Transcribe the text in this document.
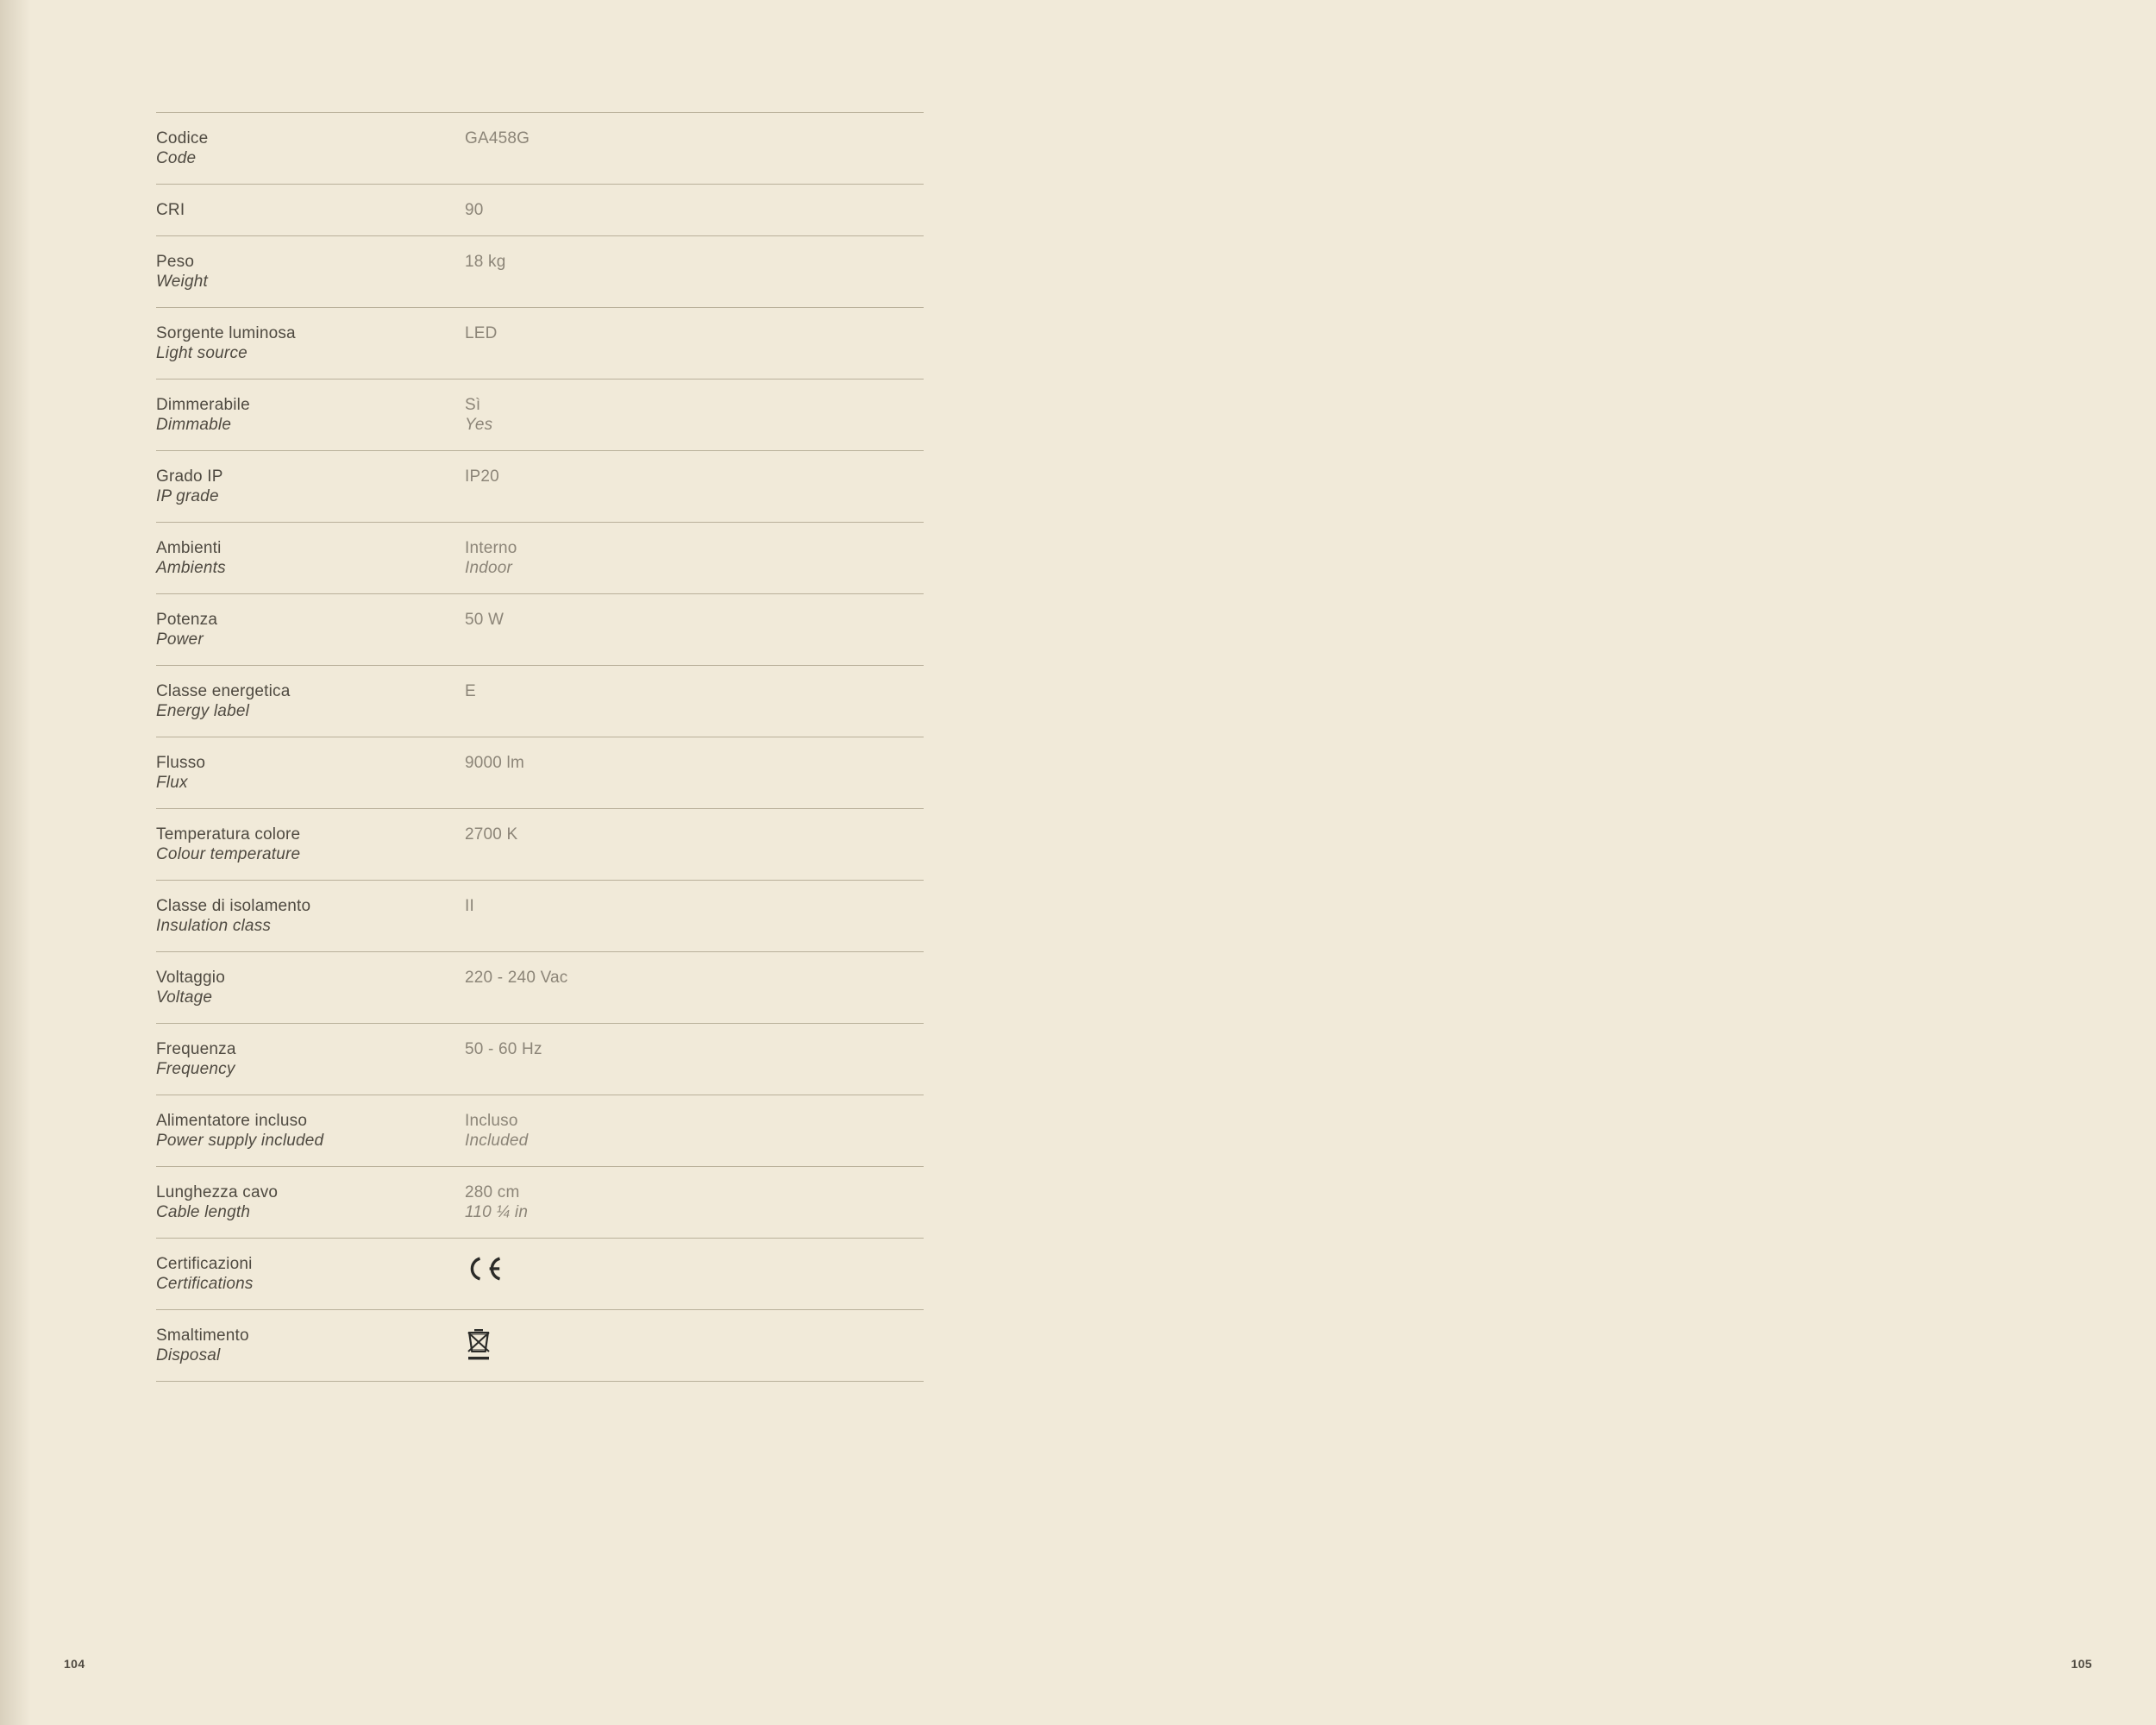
Codice
Code
GA458G
CRI	90
Peso
Weight
18 kg
Sorgente luminosa
Light source
LED
Dimmerabile
Dimmable
Sì
Yes
Grado IP
IP grade
IP20
Ambienti
Ambients
Interno
Indoor
Potenza
Power
50 W
Classe energetica
Energy label
E
Flusso
Flux
9000 lm
Temperatura colore
Colour temperature
2700 K
Classe di isolamento
Insulation class
II
Voltaggio
Voltage
220 - 240 Vac
Frequenza
Frequency
50 - 60 Hz
Alimentatore incluso
Power supply included
Incluso
Included
Lunghezza cavo
Cable length
280 cm
110 ¼ in
Certificazioni
Certifications
Smaltimento
Disposal
104	105
